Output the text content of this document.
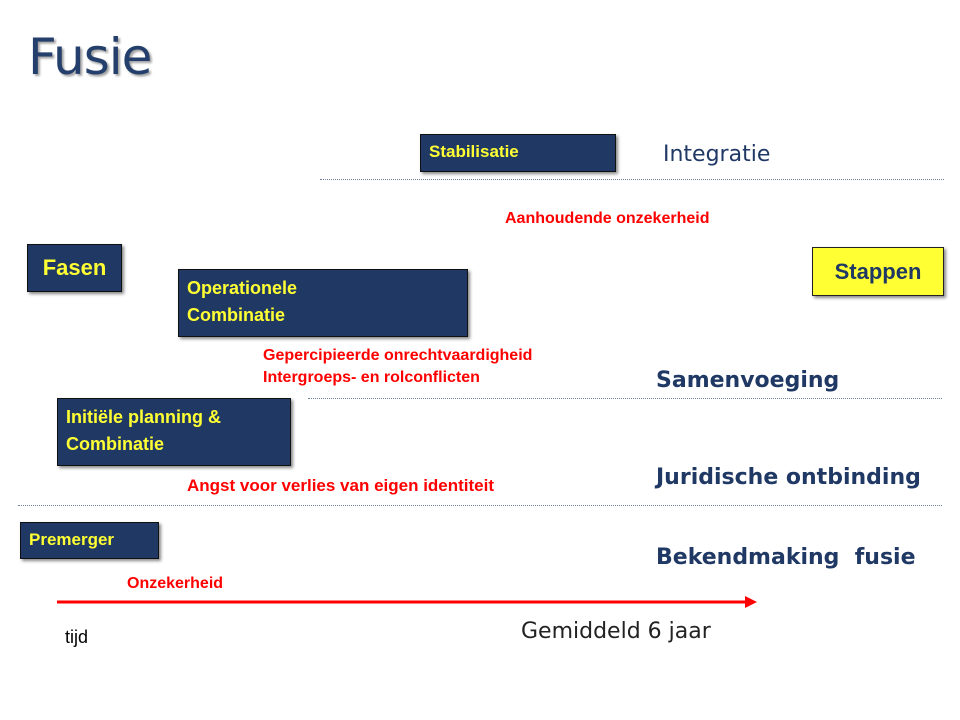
Fusie
Stabilisatie	Integratie
Aanhoudende onzekerheid
Fasen	Stappen
Operationele
Combinatie
Gepercipieerde onrechtvaardigheid
Intergroeps- en rolconflicten	Samenvoeging
Initiële planning &
Combinatie
Juridische ontbinding
Angst voor verlies van eigen identiteit
Premerger
Bekendmaking  fusie
Onzekerheid
tijd	Gemiddeld 6 jaar
